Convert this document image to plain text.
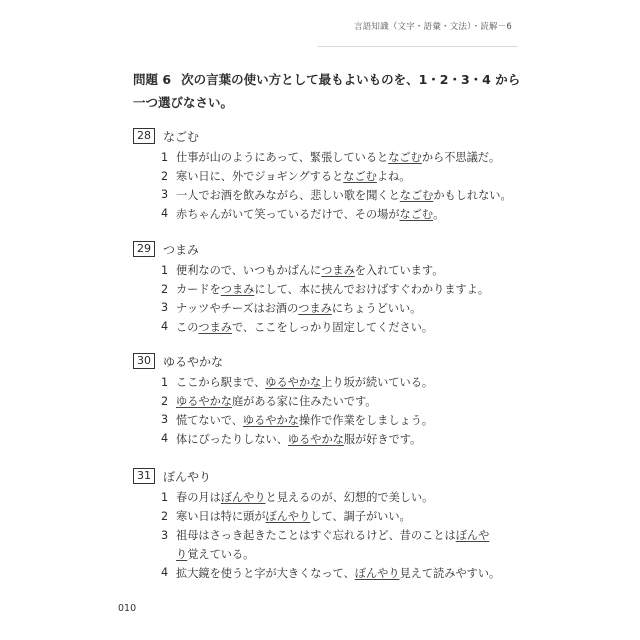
言語知識（文字・語彙・文法）・読解－6
問題 6 次の言葉の使い方として最もよいものを、1・2・3・4 から一つ選びなさい。
28	なごむ
1 仕事が山のようにあって、緊張していると なごむ から不思議だ。
2 寒い日に、外でジョギングすると なごむ よね。
3 一人でお酒を飲みながら、悲しい歌を聞くと なごむ かもしれない。
4 赤ちゃんがいて笑っているだけで、その場が なごむ 。
29	つまみ
1 便利なので、いつもかばんに つまみ を入れています。
2 カードを つまみ にして、本に挟んでおけばすぐわかりますよ。
3 ナッツやチーズはお酒の つまみ にちょうどいい。
4 この つまみ で、ここをしっかり固定してください。
30	ゆるやかな
1 ここから駅まで、 ゆるやかな 上り坂が続いている。
2 ゆるやかな 庭がある家に住みたいです。
3 慌てないで、 ゆるやかな 操作で作業をしましょう。
4 体にぴったりしない、 ゆるやかな 服が好きです。
31	ぼんやり
1 春の月は ぼんやり と見えるのが、幻想的で美しい。
2 寒い日は特に頭が ぼんやり して、調子がいい。
3 祖母はさっき起きたことはすぐ忘れるけど、昔のことはぼんやり覚えている。
4 拡大鏡を使うと字が大きくなって、 ぼんやり 見えて読みやすい。
010
